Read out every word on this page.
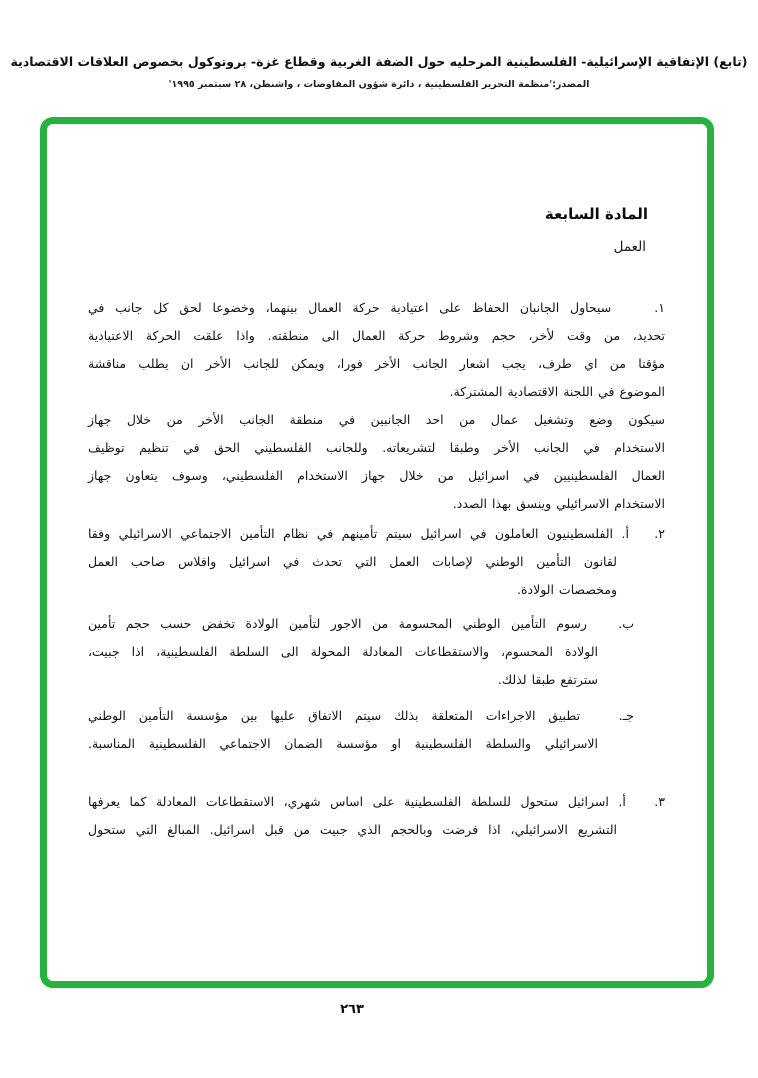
(تابع) الإتفاقية الإسرائيلية- الفلسطينية المرحليه حول الضفة الغربية وقطاع غزة- بروتوكول بخصوص العلاقات الاقتصادية
المصدر:'منظمة التحرير الفلسطينية ، دائرة شؤون المفاوضات ، واشنطن، ٢٨ سبتمبر ١٩٩٥'
المادة السابعة
العمل
١.    سيحاول الجانبان الحفاظ على اعتيادية حركة العمال بينهما، وخضوعا لحق كل جانب في
تحديد، من وقت لأخر، حجم وشروط حركة العمال الى منطقته. واذا علقت الحركة الاعتيادية
مؤقتا من اي طرف، يجب اشعار الجانب الأخر فورا، ويمكن للجانب الأخر ان يطلب مناقشة
الموضوع في اللجنة الاقتصادية المشتركة.
سيكون وضع وتشغيل عمال من احد الجانبين في منطقة الجانب الأخر من خلال جهاز
الاستخدام في الجانب الأخر وطبقا لتشريعاته. وللجانب الفلسطيني الحق في تنظيم توظيف
العمال الفلسطينيين في اسرائيل من خلال جهاز الاستخدام الفلسطيني، وسوف يتعاون جهاز
الاستخدام الاسرائيلي وينسق بهذا الصدد.
٢.   أ. الفلسطينيون العاملون في اسرائيل سيتم تأمينهم في نظام التأمين الاجتماعي الاسرائيلي وفقا
لقانون التأمين الوطني لإصابات العمل التي تحدث في اسرائيل وافلاس صاحب العمل
ومخصصات الولادة.
ب.   رسوم التأمين الوطني المحسومة من الاجور لتأمين الولادة تخفض حسب حجم تأمين
الولادة المحسوم، والاستقطاعات المعادلة المحولة الى السلطة الفلسطينية، اذا جبيت،
سترتفع طبقا لذلك.
جـ.   تطبيق الاجراءات المتعلقة بذلك سيتم الاتفاق عليها بين مؤسسة التأمين الوطني
الاسرائيلي والسلطة الفلسطينية او مؤسسة الضمان الاجتماعي الفلسطينية المناسبة.
٣.   أ. اسرائيل ستحول للسلطة الفلسطينية على اساس شهري، الاستقطاعات المعادلة كما يعرفها
التشريع الاسرائيلي، اذا فرضت وبالحجم الذي جبيت من قبل اسرائيل. المبالغ التي ستحول
٢٦٣
